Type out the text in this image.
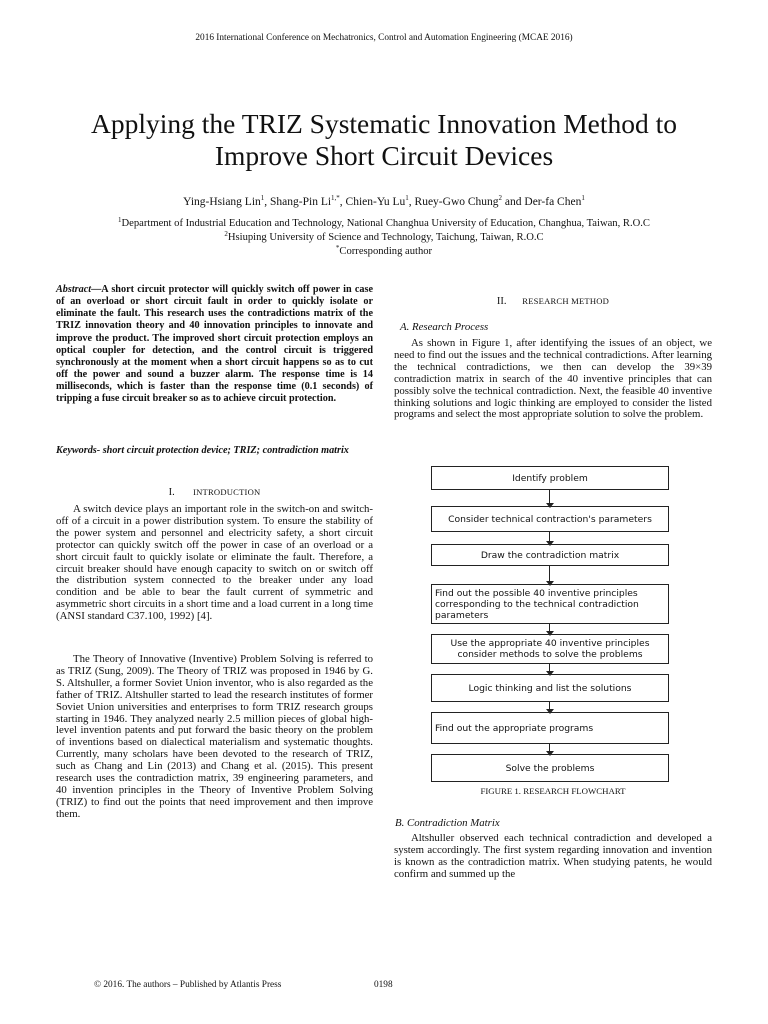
2016 International Conference on Mechatronics, Control and Automation Engineering (MCAE 2016)
Applying the TRIZ Systematic Innovation Method to
Improve Short Circuit Devices
Ying-Hsiang Lin$^1$, Shang-Pin $Li^{1,*}$, Chien-Yu Lu$^1$, Ruey-Gwo Chung$^2$ and Der-fa Chen$^1$
$^1$Department of Industrial Education and Technology, National Changhua University of Education, Changhua, Taiwan, R.O.C
$^2$Hsiuping University of Science and Technology, Taichung, Taiwan, R.O.C
*Corresponding author
Abstract—A short circuit protector will quickly switch off power in case of an overload or short circuit fault in order to quickly isolate or eliminate the fault. This research uses the contradictions matrix of the TRIZ innovation theory and 40 innovation principles to innovate and improve the product. The improved short circuit protection employs an optical coupler for detection, and the control circuit is triggered synchronously at the moment when a short circuit happens so as to cut off the power and sound a buzzer alarm. The response time is 14 milliseconds, which is faster than the response time (0.1 seconds) of tripping a fuse circuit breaker so as to achieve circuit protection.
Keywords- short circuit protection device; TRIZ; contradiction matrix
I. INTRODUCTION
A switch device plays an important role in the switch-on and switch-off of a circuit in a power distribution system. To ensure the stability of the power system and personnel and electricity safety, a short circuit protector can quickly switch off the power in case of an overload or a short circuit fault to quickly isolate or eliminate the fault. Therefore, a circuit breaker should have enough capacity to switch on or switch off the distribution system connected to the breaker under any load condition and be able to bear the fault current of symmetric and asymmetric short circuits in a short time and a load current in a long time (ANSI standard C37.100, 1992) [4].
The Theory of Innovative (Inventive) Problem Solving is referred to as TRIZ (Sung, 2009). The Theory of TRIZ was proposed in 1946 by G. S. Altshuller, a former Soviet Union inventor, who is also regarded as the father of TRIZ. Altshuller started to lead the research institutes of former Soviet Union universities and enterprises to form TRIZ research groups starting in 1946. They analyzed nearly 2.5 million pieces of global high-level invention patents and put forward the basic theory on the problem of inventions based on dialectical materialism and systematic thoughts. Currently, many scholars have been devoted to the research of TRIZ, such as Chang and Lin (2013) and Chang et al. (2015). This present research uses the contradiction matrix, 39 engineering parameters, and 40 invention principles in the Theory of Inventive Problem Solving (TRIZ) to find out the points that need improvement and then improve them.
II. RESEARCH METHOD
A. Research Process
As shown in Figure 1, after identifying the issues of an object, we need to find out the issues and the technical contradictions. After learning the technical contradictions, we then can develop the 39×39 contradiction matrix in search of the 40 inventive principles that can possibly solve the technical contradiction. Next, the feasible 40 inventive thinking solutions and logic thinking are employed to consider the listed programs and select the most appropriate solution to solve the problem.
Identify problem
Consider technical contraction's parameters
Draw the contradiction matrix
Find out the possible 40 inventive principles corresponding to the technical contradiction parameters
Use the appropriate 40 inventive principles consider methods to solve the problems
Logic thinking and list the solutions
Find out the appropriate programs
Solve the problems
FIGURE 1. RESEARCH FLOWCHART
B. Contradiction Matrix
Altshuller observed each technical contradiction and developed a system accordingly. The first system regarding innovation and invention is known as the contradiction matrix. When studying patents, he would confirm and summed up the
© 2016. The authors – Published by Atlantis Press	0198
